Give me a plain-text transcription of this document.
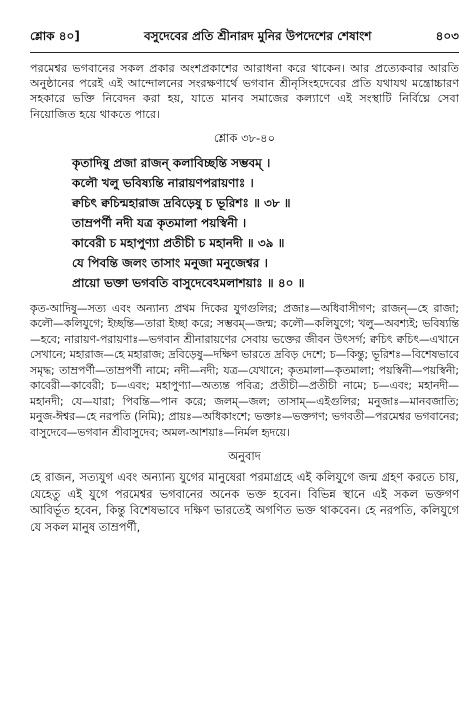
শ্লোক ৪০]	বসুদেবের প্রতি শ্রীনারদ মুনির উপদেশের শেষাংশ	৪০৩

পরমেশ্বর ভগবানের সকল প্রকার অংশপ্রকাশের আরাধনা করে থাকেন। আর প্রত্যেকবার আরতি অনুষ্ঠানের পরেই এই আন্দোলনের সংরক্ষণার্থে ভগবান শ্রীনৃসিংহদেবের প্রতি যথাযথ মন্ত্রোচ্চারণ সহকারে ভক্তি নিবেদন করা হয়, যাতে মানব সমাজের কল্যাণে এই সংস্থাটি নির্বিঘ্নে সেবা নিয়োজিত হয়ে থাকতে পারে।

শ্লোক ৩৮-৪০
কৃতাদিষু প্রজা রাজন্ কলাবিচ্ছন্তি সম্ভবম্ ।
কলৌ খলু ভবিষ্যন্তি নারায়ণপরায়ণাঃ ।
ক্বচিৎ ক্বচিন্মহারাজ দ্রবিড়েষু চ ভূরিশঃ ॥ ৩৮ ॥
তাম্রপর্ণী নদী যত্র কৃতমালা পয়স্বিনী ।
কাবেরী চ মহাপুণ্যা প্রতীচী চ মহানদী ॥ ৩৯ ॥
যে পিবন্তি জলং তাসাং মনুজা মনুজেশ্বর ।
প্রায়ো ভক্তা ভগবতি বাসুদেবেঽমলাশয়াঃ ॥ ৪০ ॥

কৃত-আদিষু—সত্য এবং অন্যান্য প্রথম দিকের যুগগুলির; প্রজাঃ—অধিবাসীগণ; রাজন্—হে রাজা; কলৌ—কলিযুগে; ইচ্ছন্তি—তারা ইচ্ছা করে; সম্ভবম্—জন্ম; কলৌ—কলিযুগে; খলু—অবশ্যই; ভবিষ্যন্তি—হবে; নারায়ণ-পরায়ণাঃ—ভগবান শ্রীনারায়ণের সেবায় ভক্তের জীবন উৎসর্গ; ক্বচিৎ ক্বচিৎ—এখানে সেখানে; মহারাজ—হে মহারাজ; দ্রবিড়েষু—দক্ষিণ ভারতে দ্রবিড় দেশে; চ—কিন্তু; ভূরিশঃ—বিশেষভাবে সমৃদ্ধ; তাম্রপর্ণী—তাম্রপর্ণী নামে; নদী—নদী; যত্র—যেখানে; কৃতমালা—কৃতমালা; পয়স্বিনী—পয়স্বিনী; কাবেরী—কাবেরী; চ—এবং; মহাপুণ্যা—অত্যন্ত পবিত্র; প্রতীচী—প্রতীচী নামে; চ—এবং; মহানদী—মহানদী; যে—যারা; পিবন্তি—পান করে; জলম্—জল; তাসাম্—এইগুলির; মনুজাঃ—মানবজাতি; মনুজ-ঈশ্বর—হে নরপতি (নিমি); প্রায়ঃ—অধিকাংশে; ভক্তাঃ—ভক্তগণ; ভগবতী—পরমেশ্বর ভগবানের; বাসুদেবে—ভগবান শ্রীবাসুদেব; অমল-আশয়াঃ—নির্মল হৃদয়ে।

অনুবাদ

হে রাজন, সত্যযুগ এবং অন্যান্য যুগের মানুষেরা পরমাগ্রহে এই কলিযুগে জন্ম গ্রহণ করতে চায়, যেহেতু এই যুগে পরমেশ্বর ভগবানের অনেক ভক্ত হবেন। বিভিন্ন স্থানে এই সকল ভক্তগণ আবির্ভূত হবেন, কিন্তু বিশেষভাবে দক্ষিণ ভারতেই অগণিত ভক্ত থাকবেন। হে নরপতি, কলিযুগে যে সকল মানুষ তাম্রপর্ণী,
